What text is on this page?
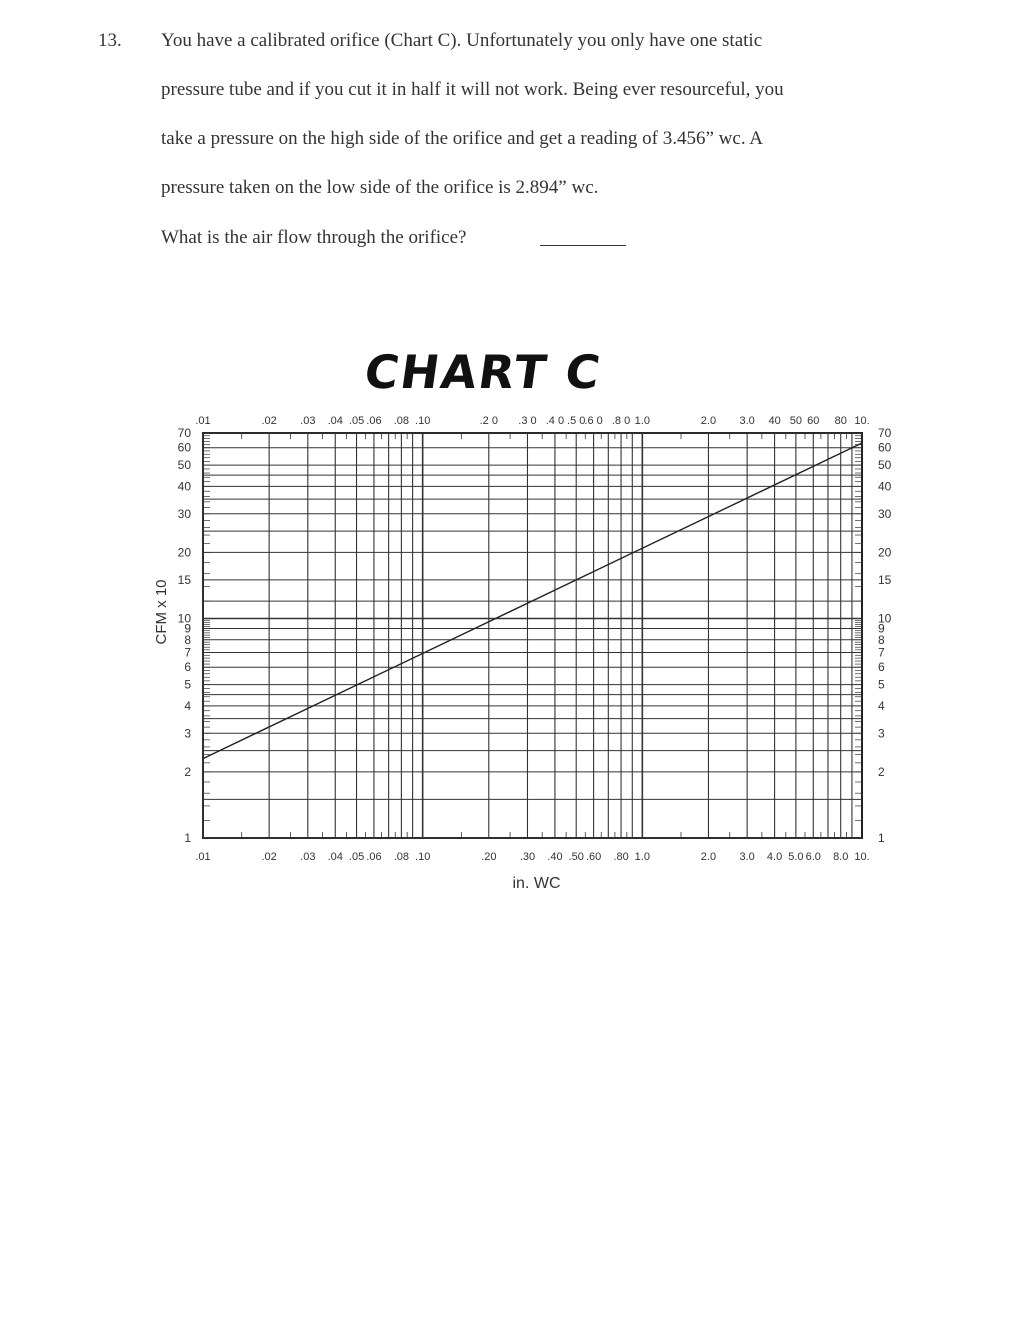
13. You have a calibrated orifice (Chart C). Unfortunately you only have one static
pressure tube and if you cut it in half it will not work. Being ever resourceful, you
take a pressure on the high side of the orifice and get a reading of 3.456” wc. A
pressure taken on the low side of the orifice is 2.894” wc.
What is the air flow through the orifice?
CHART C
.01
.01
.02
.02
.03
.03
.04
.04
.05
.05
.06
.06
.08
.08
.10
.10
.2 0
.20
.3 0
.30
.4 0
.40
.5 0
.50
.6 0
.60
.8 0
.80
1.0
1.0
2.0
2.0
3.0
3.0
40
4.0
50
5.0
60
6.0
80
8.0
10.
10.
1	1
2	2
3	3
4	4
5	5
6	6
7	7
8	8
9	9
10	10
15	15
20	20
30	30
40	40
50	50
60	60
70	70
in. WC
CFM x 10
